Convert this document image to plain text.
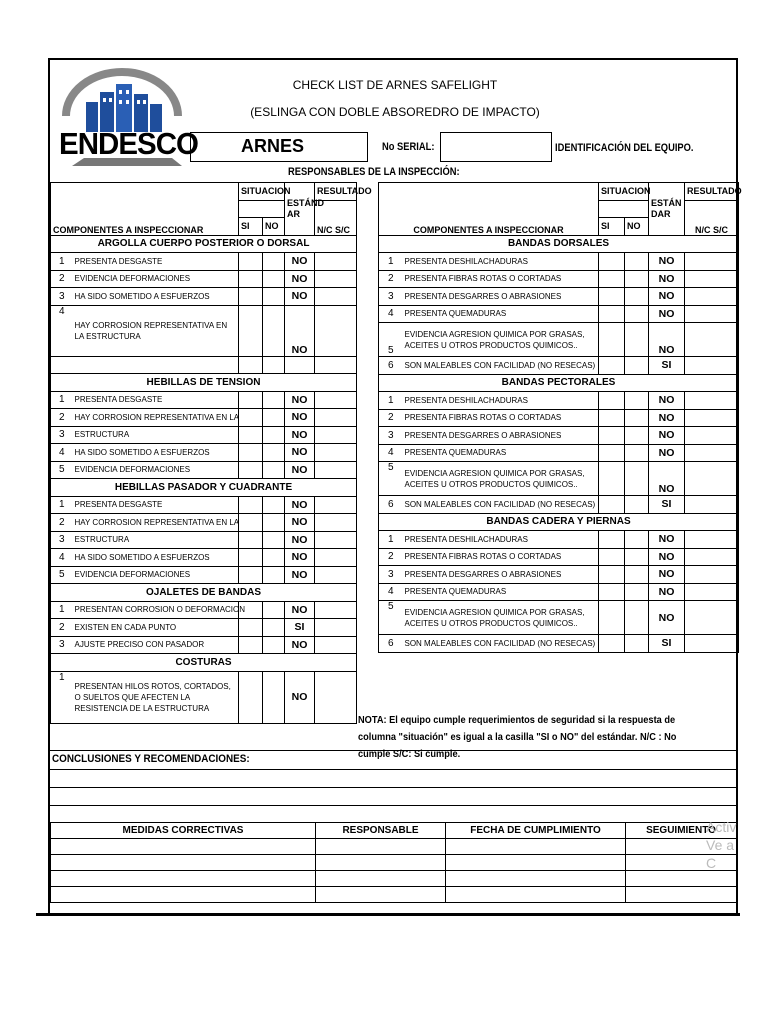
CHECK LIST DE ARNES SAFELIGHT
(ESLINGA CON DOBLE ABSOREDRO DE IMPACTO)
ENDESCO	ARNES	No SERIAL:	IDENTIFICACIÓN DEL EQUIPO.
RESPONSABLES DE LA INSPECCIÓN:
COMPONENTES A INSPECCIONAR		SITUACION		ESTÁND AR	RESULTADO
					N/C S/C
		SI	NO		
ARGOLLA CUERPO POSTERIOR O DORSAL					
1	PRESENTA DESGASTE			NO	
2	EVIDENCIA DEFORMACIONES			NO	
3	HA SIDO SOMETIDO A ESFUERZOS			NO	
4	HAY CORROSION REPRESENTATIVA EN LA ESTRUCTURA			NO	

HEBILLAS DE TENSION					
1	PRESENTA DESGASTE			NO	
2	HAY CORROSION REPRESENTATIVA EN LA			NO	
3	ESTRUCTURA			NO	
4	HA SIDO SOMETIDO A ESFUERZOS			NO	
5	EVIDENCIA DEFORMACIONES			NO	
HEBILLAS PASADOR Y CUADRANTE					
1	PRESENTA DESGASTE			NO	
2	HAY CORROSION REPRESENTATIVA EN LA			NO	
3	ESTRUCTURA			NO	
4	HA SIDO SOMETIDO A ESFUERZOS			NO	
5	EVIDENCIA DEFORMACIONES			NO	
OJALETES DE BANDAS					
1	PRESENTAN CORROSION O DEFORMACION			NO	
2	EXISTEN EN CADA PUNTO			SI	
3	AJUSTE PRECISO CON PASADOR			NO	
COSTURAS					
1	PRESENTAN HILOS ROTOS, CORTADOS, O SUELTOS QUE AFECTEN LA RESISTENCIA DE LA ESTRUCTURA			NO	
COMPONENTES A INSPECCIONAR		SITUACION		ESTÁN DAR	RESULTADO
					N/C S/C
		SI	NO		
BANDAS DORSALES					
1	PRESENTA DESHILACHADURAS			NO	
2	PRESENTA FIBRAS ROTAS O CORTADAS			NO	
3	PRESENTA DESGARRES O ABRASIONES			NO	
4	PRESENTA QUEMADURAS			NO	
5	EVIDENCIA AGRESION QUIMICA POR GRASAS, ACEITES U OTROS PRODUCTOS QUIMICOS..			NO	
6	SON MALEABLES CON FACILIDAD (NO RESECAS)			SI	
BANDAS PECTORALES					
1	PRESENTA DESHILACHADURAS			NO	
2	PRESENTA FIBRAS ROTAS O CORTADAS			NO	
3	PRESENTA DESGARRES O ABRASIONES			NO	
4	PRESENTA QUEMADURAS			NO	
5	EVIDENCIA AGRESION QUIMICA POR GRASAS, ACEITES U OTROS PRODUCTOS QUIMICOS..			NO	
6	SON MALEABLES CON FACILIDAD (NO RESECAS)			SI	
BANDAS CADERA Y PIERNAS					
1	PRESENTA DESHILACHADURAS			NO	
2	PRESENTA FIBRAS ROTAS O CORTADAS			NO	
3	PRESENTA DESGARRES O ABRASIONES			NO	
4	PRESENTA QUEMADURAS			NO	
5	EVIDENCIA AGRESION QUIMICA POR GRASAS, ACEITES U OTROS PRODUCTOS QUIMICOS..			NO	
6	SON MALEABLES CON FACILIDAD (NO RESECAS)			SI	
NOTA: El equipo cumple requerimientos de seguridad si la respuesta de columna "situación" es igual a la casilla "SI o NO" del estándar. N/C : No cumple S/C: Si cumple.
CONCLUSIONES Y RECOMENDACIONES:
MEDIDAS CORRECTIVAS	RESPONSABLE	FECHA DE CUMPLIMIENTO	SEGUIMIENTO

Activ Ve a C
